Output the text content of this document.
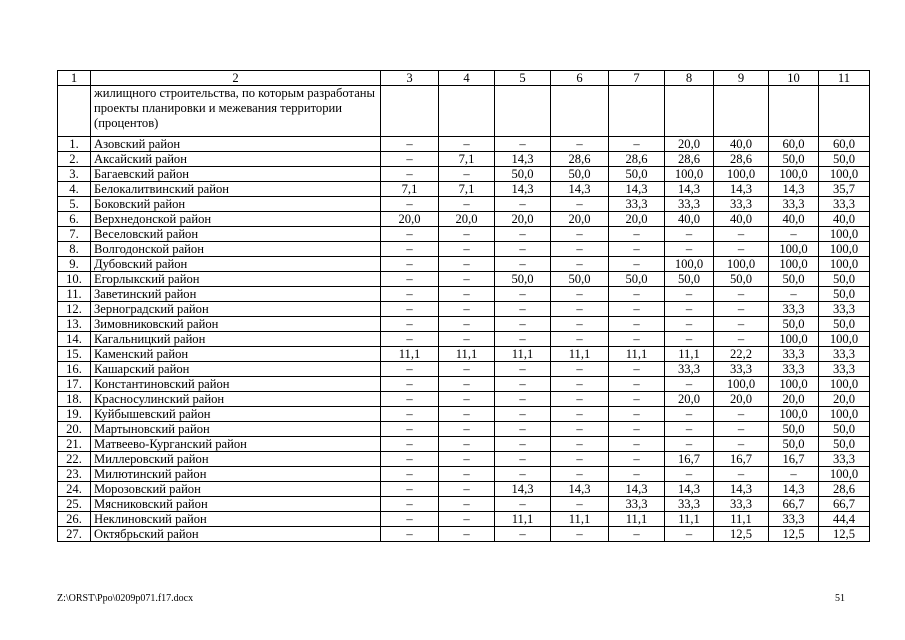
1	2	3	4	5	6	7	8	9	10	11
	жилищного строительства, по которым разработаны проекты планировки и межевания территории (процентов)									
1.	Азовский район	–	–	–	–	–	20,0	40,0	60,0	60,0
2.	Аксайский район	–	7,1	14,3	28,6	28,6	28,6	28,6	50,0	50,0
3.	Багаевский район	–	–	50,0	50,0	50,0	100,0	100,0	100,0	100,0
4.	Белокалитвинский район	7,1	7,1	14,3	14,3	14,3	14,3	14,3	14,3	35,7
5.	Боковский район	–	–	–	–	33,3	33,3	33,3	33,3	33,3
6.	Верхнедонской район	20,0	20,0	20,0	20,0	20,0	40,0	40,0	40,0	40,0
7.	Веселовский район	–	–	–	–	–	–	–	–	100,0
8.	Волгодонской район	–	–	–	–	–	–	–	100,0	100,0
9.	Дубовский район	–	–	–	–	–	100,0	100,0	100,0	100,0
10.	Егорлыкский район	–	–	50,0	50,0	50,0	50,0	50,0	50,0	50,0
11.	Заветинский район	–	–	–	–	–	–	–	–	50,0
12.	Зерноградский район	–	–	–	–	–	–	–	33,3	33,3
13.	Зимовниковский район	–	–	–	–	–	–	–	50,0	50,0
14.	Кагальницкий район	–	–	–	–	–	–	–	100,0	100,0
15.	Каменский район	11,1	11,1	11,1	11,1	11,1	11,1	22,2	33,3	33,3
16.	Кашарский район	–	–	–	–	–	33,3	33,3	33,3	33,3
17.	Константиновский район	–	–	–	–	–	–	100,0	100,0	100,0
18.	Красносулинский район	–	–	–	–	–	20,0	20,0	20,0	20,0
19.	Куйбышевский район	–	–	–	–	–	–	–	100,0	100,0
20.	Мартыновский район	–	–	–	–	–	–	–	50,0	50,0
21.	Матвеево-Курганский район	–	–	–	–	–	–	–	50,0	50,0
22.	Миллеровский район	–	–	–	–	–	16,7	16,7	16,7	33,3
23.	Милютинский район	–	–	–	–	–	–	–	–	100,0
24.	Морозовский район	–	–	14,3	14,3	14,3	14,3	14,3	14,3	28,6
25.	Мясниковский район	–	–	–	–	33,3	33,3	33,3	66,7	66,7
26.	Неклиновский район	–	–	11,1	11,1	11,1	11,1	11,1	33,3	44,4
27.	Октябрьский район	–	–	–	–	–	–	12,5	12,5	12,5
Z:\ORST\Ppo\0209p071.f17.docx	51
